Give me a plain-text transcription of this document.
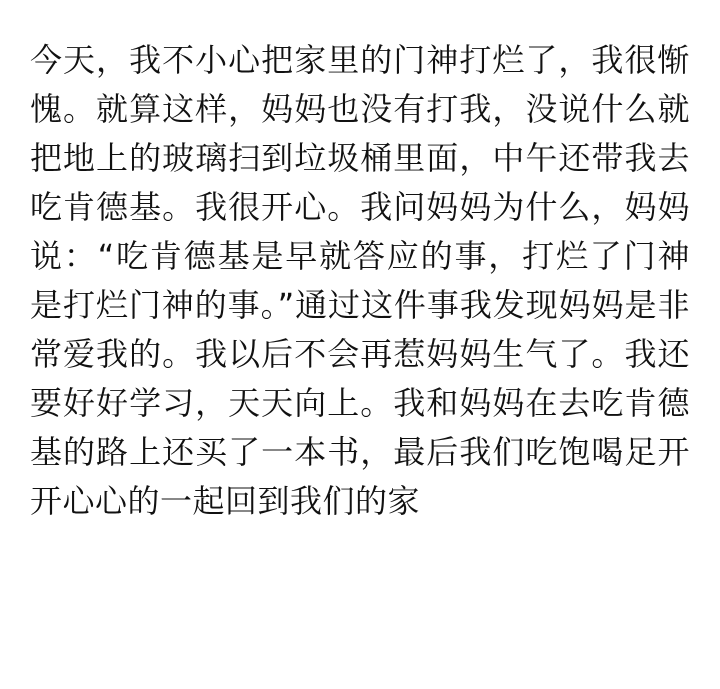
今天，我不小心把家里的门神打烂了，我很惭愧。就算这样，妈妈也没有打我，没说什么就把地上的玻璃扫到垃圾桶里面，中午还带我去吃肯德基。我很开心。我问妈妈为什么，妈妈说：“吃肯德基是早就答应的事，打烂了门神是打烂门神的事。”通过这件事我发现妈妈是非常爱我的。我以后不会再惹妈妈生气了。我还要好好学习，天天向上。我和妈妈在去吃肯德基的路上还买了一本书，最后我们吃饱喝足开开心心的一起回到我们的家
